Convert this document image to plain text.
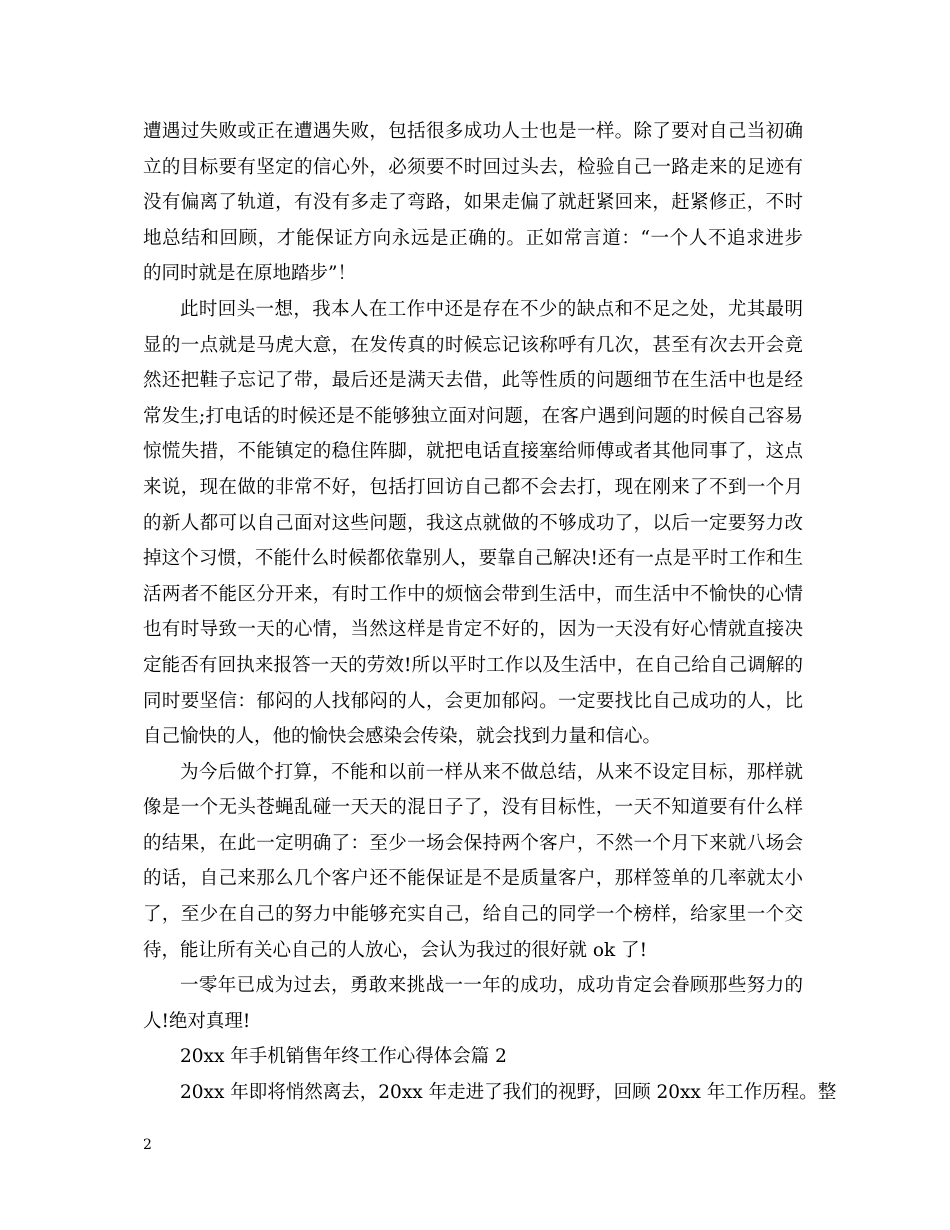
遭遇过失败或正在遭遇失败，包括很多成功人士也是一样。除了要对自己当初确
立的目标要有坚定的信心外，必须要不时回过头去，检验自己一路走来的足迹有
没有偏离了轨道，有没有多走了弯路，如果走偏了就赶紧回来，赶紧修正，不时
地总结和回顾，才能保证方向永远是正确的。正如常言道：“一个人不追求进步
的同时就是在原地踏步”！
此时回头一想，我本人在工作中还是存在不少的缺点和不足之处，尤其最明
显的一点就是马虎大意，在发传真的时候忘记该称呼有几次，甚至有次去开会竟
然还把鞋子忘记了带，最后还是满天去借，此等性质的问题细节在生活中也是经
常发生;打电话的时候还是不能够独立面对问题，在客户遇到问题的时候自己容易
惊慌失措，不能镇定的稳住阵脚，就把电话直接塞给师傅或者其他同事了，这点
来说，现在做的非常不好，包括打回访自己都不会去打，现在刚来了不到一个月
的新人都可以自己面对这些问题，我这点就做的不够成功了，以后一定要努力改
掉这个习惯，不能什么时候都依靠别人，要靠自己解决!还有一点是平时工作和生
活两者不能区分开来，有时工作中的烦恼会带到生活中，而生活中不愉快的心情
也有时导致一天的心情，当然这样是肯定不好的，因为一天没有好心情就直接决
定能否有回执来报答一天的劳效!所以平时工作以及生活中，在自己给自己调解的
同时要坚信：郁闷的人找郁闷的人，会更加郁闷。一定要找比自己成功的人，比
自己愉快的人，他的愉快会感染会传染，就会找到力量和信心。
为今后做个打算，不能和以前一样从来不做总结，从来不设定目标，那样就
像是一个无头苍蝇乱碰一天天的混日子了，没有目标性，一天不知道要有什么样
的结果，在此一定明确了：至少一场会保持两个客户，不然一个月下来就八场会
的话，自己来那么几个客户还不能保证是不是质量客户，那样签单的几率就太小
了，至少在自己的努力中能够充实自己，给自己的同学一个榜样，给家里一个交
待，能让所有关心自己的人放心，会认为我过的很好就 ok 了!
一零年已成为过去，勇敢来挑战一一年的成功，成功肯定会眷顾那些努力的
人!绝对真理!
20xx 年手机销售年终工作心得体会篇 2
20xx 年即将悄然离去，20xx 年走进了我们的视野，回顾 20xx 年工作历程。整
2
